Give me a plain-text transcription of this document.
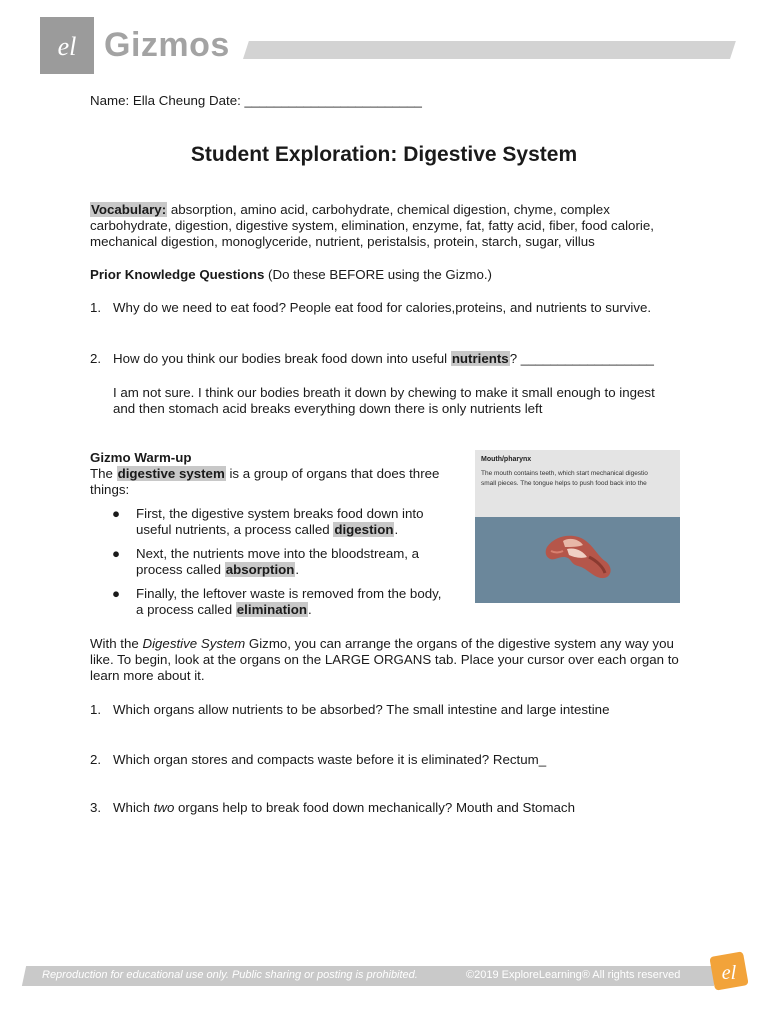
el Gizmos
Name: Ella Cheung Date: ________________________
Student Exploration: Digestive System
Vocabulary: absorption, amino acid, carbohydrate, chemical digestion, chyme, complex carbohydrate, digestion, digestive system, elimination, enzyme, fat, fatty acid, fiber, food calorie, mechanical digestion, monoglyceride, nutrient, peristalsis, protein, starch, sugar, villus
Prior Knowledge Questions (Do these BEFORE using the Gizmo.)
1. Why do we need to eat food? People eat food for calories,proteins, and nutrients to survive.
2. How do you think our bodies break food down into useful nutrients? __________________
I am not sure. I think our bodies breath it down by chewing to make it small enough to ingest and then stomach acid breaks everything down there is only nutrients left
Gizmo Warm-up
The digestive system is a group of organs that does three things:
● First, the digestive system breaks food down into useful nutrients, a process called digestion.
● Next, the nutrients move into the bloodstream, a process called absorption.
● Finally, the leftover waste is removed from the body, a process called elimination.
Mouth/pharynx
The mouth contains teeth, which start mechanical digestio
small pieces. The tongue helps to push food back into the
With the Digestive System Gizmo, you can arrange the organs of the digestive system any way you like. To begin, look at the organs on the LARGE ORGANS tab. Place your cursor over each organ to learn more about it.
1. Which organs allow nutrients to be absorbed? The small intestine and large intestine
2. Which organ stores and compacts waste before it is eliminated? Rectum_
3. Which two organs help to break food down mechanically? Mouth and Stomach
Reproduction for educational use only. Public sharing or posting is prohibited.	©2019 ExploreLearning® All rights reserved el
